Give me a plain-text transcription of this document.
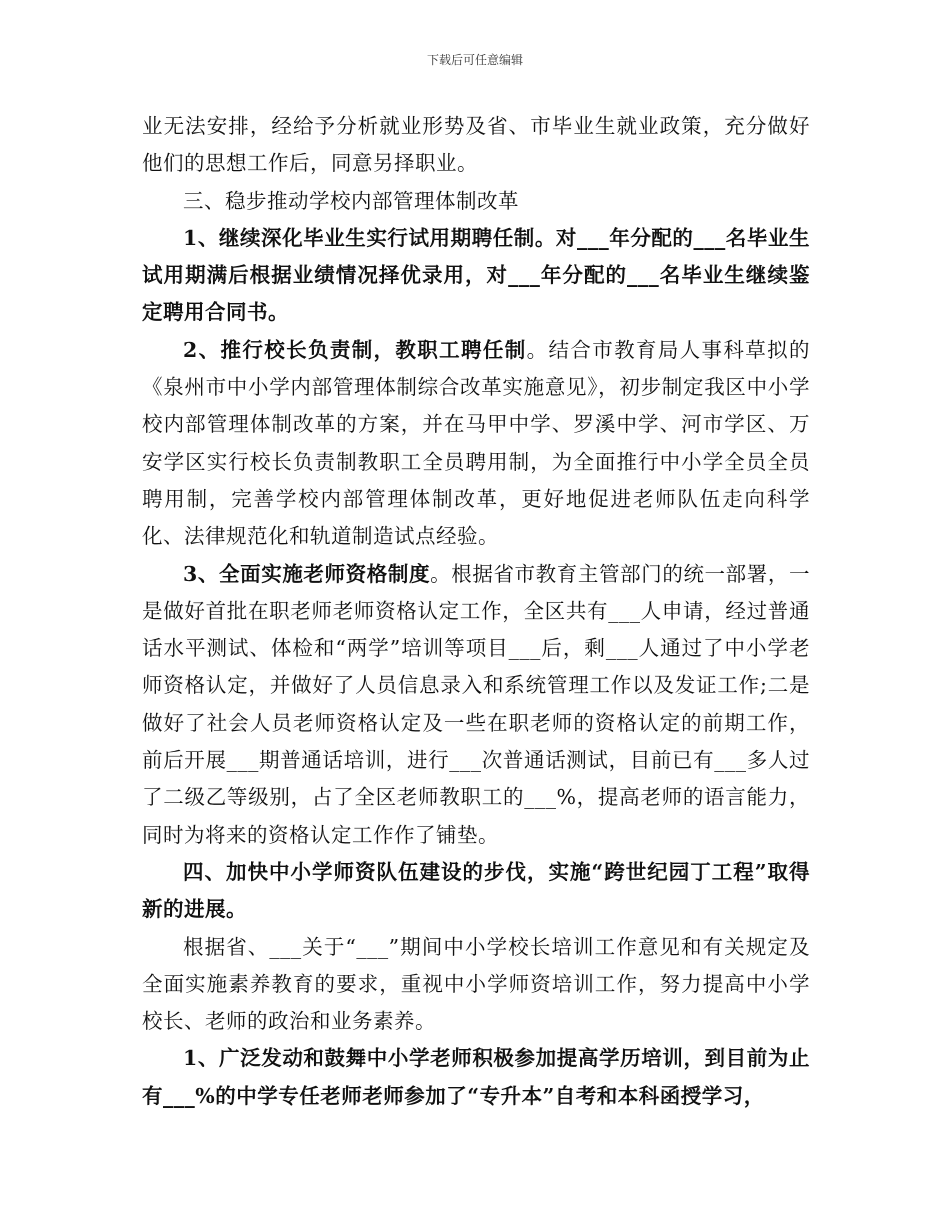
下载后可任意编辑

业无法安排，经给予分析就业形势及省、市毕业生就业政策，充分做好他们的思想工作后，同意另择职业。

三、稳步推动学校内部管理体制改革

1、继续深化毕业生实行试用期聘任制。对___年分配的___名毕业生试用期满后根据业绩情况择优录用，对___年分配的___名毕业生继续鉴定聘用合同书。

2、推行校长负责制，教职工聘任制。结合市教育局人事科草拟的《泉州市中小学内部管理体制综合改革实施意见》，初步制定我区中小学校内部管理体制改革的方案，并在马甲中学、罗溪中学、河市学区、万安学区实行校长负责制教职工全员聘用制，为全面推行中小学全员全员聘用制，完善学校内部管理体制改革，更好地促进老师队伍走向科学化、法律规范化和轨道制造试点经验。

3、全面实施老师资格制度。根据省市教育主管部门的统一部署，一是做好首批在职老师老师资格认定工作，全区共有___人申请，经过普通话水平测试、体检和“两学”培训等项目___后，剩___人通过了中小学老师资格认定，并做好了人员信息录入和系统管理工作以及发证工作;二是做好了社会人员老师资格认定及一些在职老师的资格认定的前期工作，前后开展___期普通话培训，进行___次普通话测试，目前已有___多人过了二级乙等级别，占了全区老师教职工的___%，提高老师的语言能力，同时为将来的资格认定工作作了铺垫。

四、加快中小学师资队伍建设的步伐，实施“跨世纪园丁工程”取得新的进展。

根据省、___关于“___”期间中小学校长培训工作意见和有关规定及全面实施素养教育的要求，重视中小学师资培训工作，努力提高中小学校长、老师的政治和业务素养。

1、广泛发动和鼓舞中小学老师积极参加提高学历培训，到目前为止有___%的中学专任老师老师参加了“专升本”自考和本科函授学习，
